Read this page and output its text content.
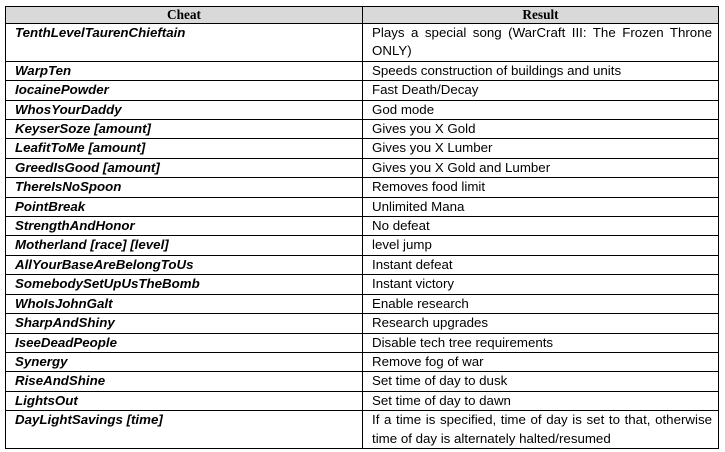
Cheat	Result
TenthLevelTaurenChieftain	Plays a special song (WarCraft III: The Frozen Throne ONLY)
WarpTen	Speeds construction of buildings and units
IocainePowder	Fast Death/Decay
WhosYourDaddy	God mode
KeyserSoze [amount]	Gives you X Gold
LeafitToMe [amount]	Gives you X Lumber
GreedIsGood [amount]	Gives you X Gold and Lumber
ThereIsNoSpoon	Removes food limit
PointBreak	Unlimited Mana
StrengthAndHonor	No defeat
Motherland [race] [level]	level jump
AllYourBaseAreBelongToUs	Instant defeat
SomebodySetUpUsTheBomb	Instant victory
WhoIsJohnGalt	Enable research
SharpAndShiny	Research upgrades
IseeDeadPeople	Disable tech tree requirements
Synergy	Remove fog of war
RiseAndShine	Set time of day to dusk
LightsOut	Set time of day to dawn
DayLightSavings [time]	If a time is specified, time of day is set to that, otherwise time of day is alternately halted/resumed
